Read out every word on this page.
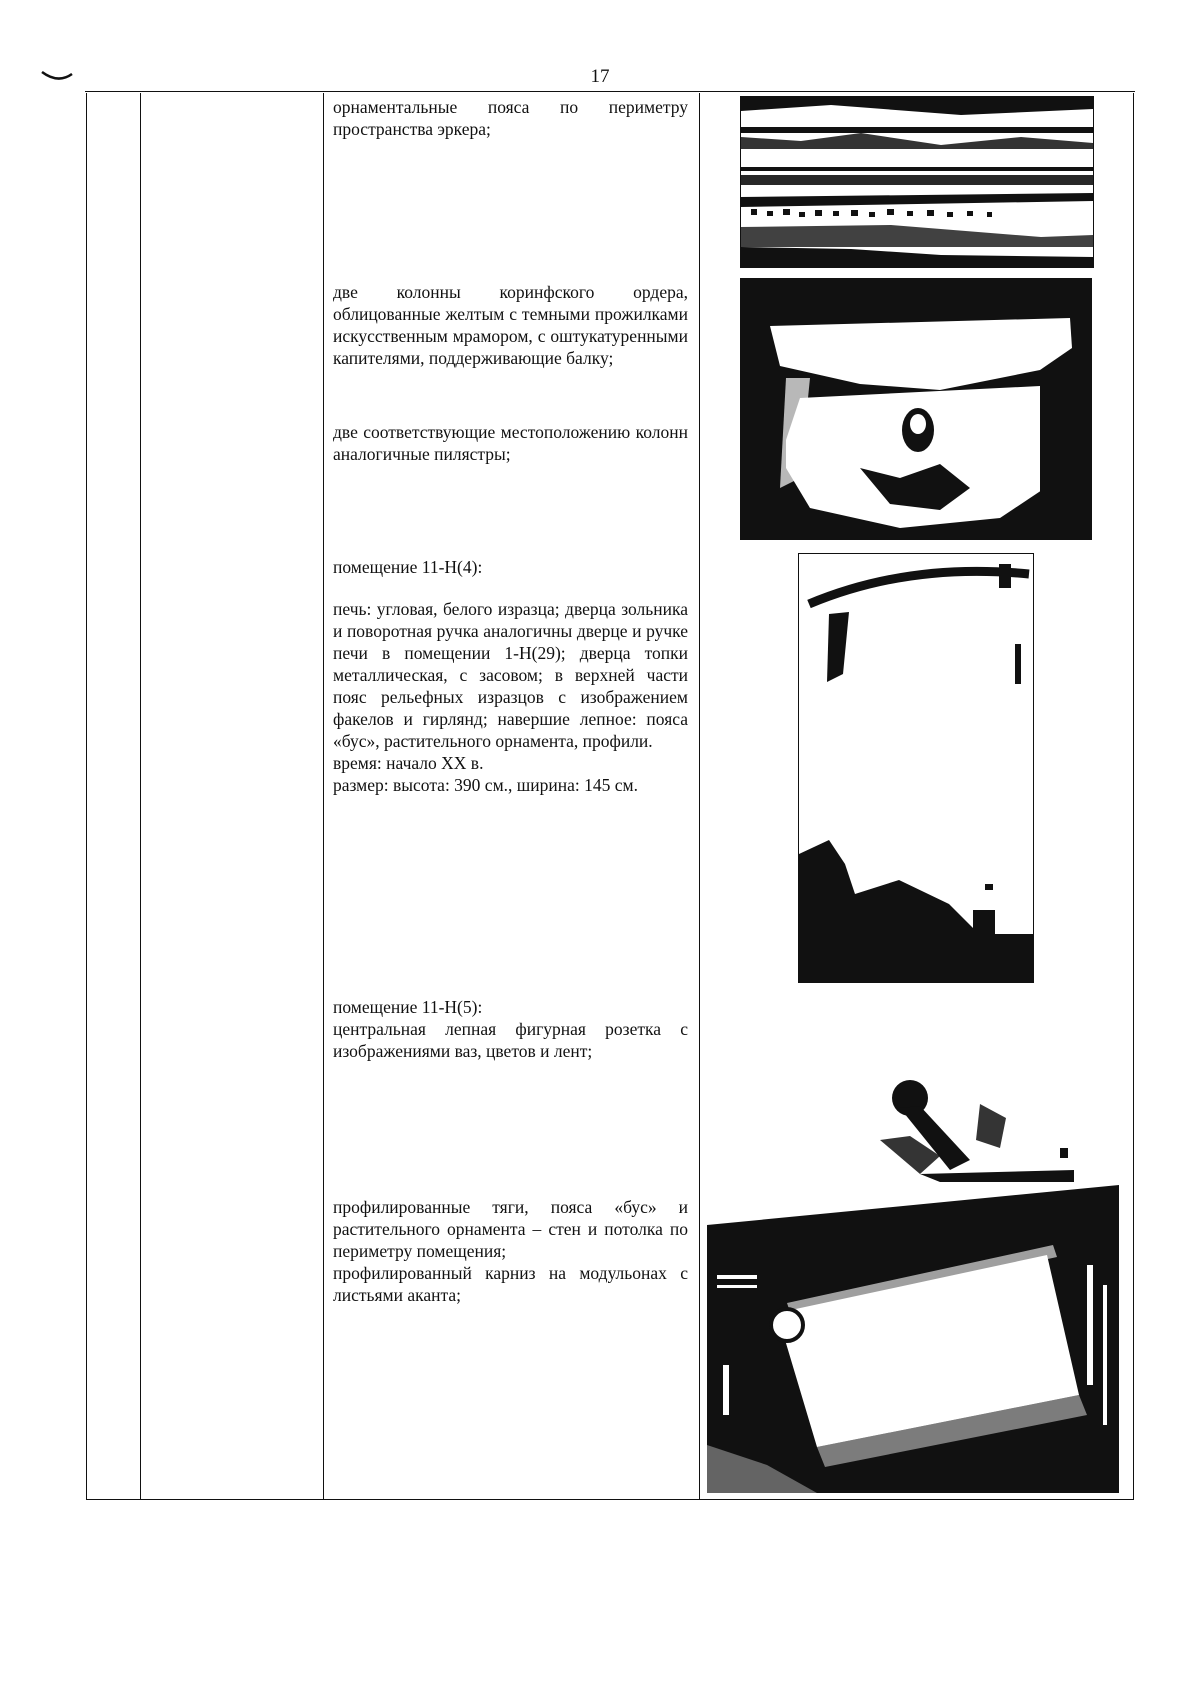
17

орнаментальные пояса по периметру пространства эркера;

две колонны коринфского ордера, облицованные желтым с темными прожилками искусственным мрамором, с оштукатуренными капителями, поддерживающие балку;

две соответствующие местоположению колонн аналогичные пилястры;

помещение 11-Н(4):

печь: угловая, белого изразца; дверца зольника и поворотная ручка аналогичны дверце и ручке печи в помещении 1-Н(29); дверца топки металлическая, с засовом; в верхней части пояс рельефных изразцов с изображением факелов и гирлянд; навершие лепное: пояса «бус», растительного орнамента, профили.

время: начало XX в.

размер: высота: 390 см., ширина: 145 см.

помещение 11-Н(5):

центральная лепная фигурная розетка с изображениями ваз, цветов и лент;

профилированные тяги, пояса «бус» и растительного орнамента – стен и потолка по периметру помещения;

профилированный карниз на модульонах с листьями аканта;
